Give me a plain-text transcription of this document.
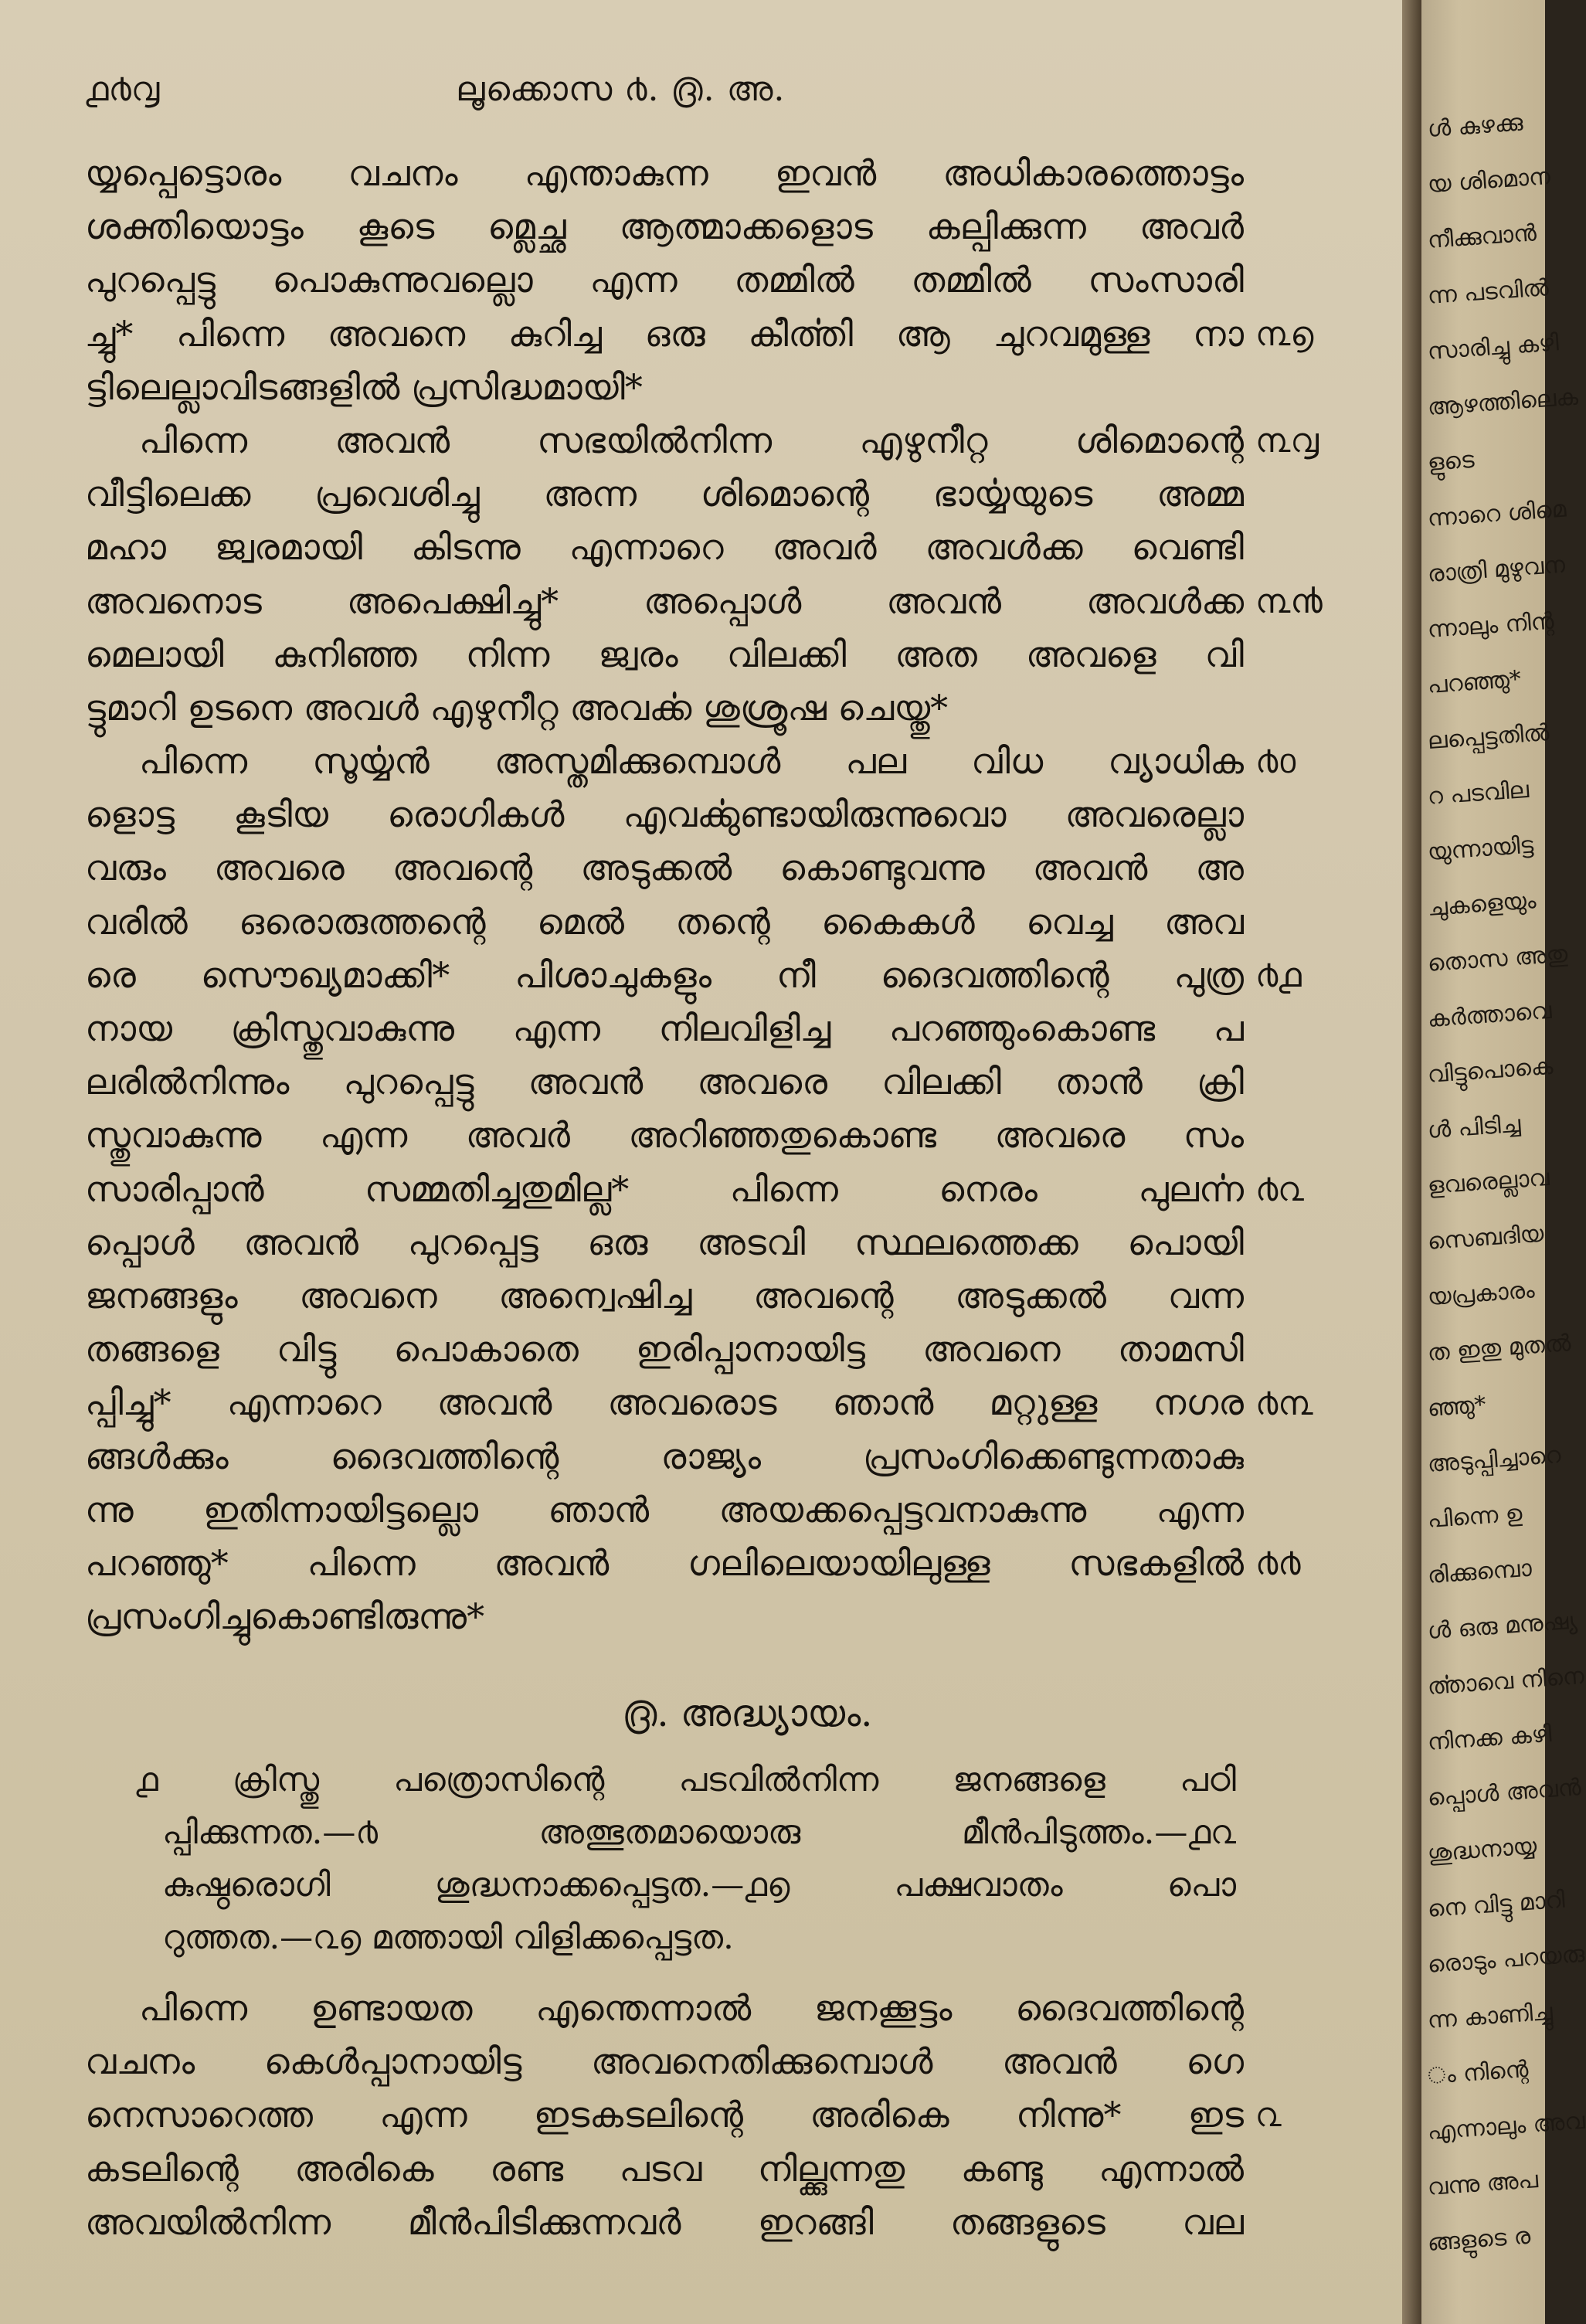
൧൪൮	ലൂക്കൊസ ൪. ൫. അ.
യ്യപ്പെട്ടൊരം വചനം എന്താകുന്ന ഇവൻ അധികാരത്തൊട്ടം
ശക്തിയൊട്ടം കൂടെ മ്ലെച്ഛ ആത്മാക്കളൊട കല്പിക്കുന്ന അവർ
പുറപ്പെട്ടു പൊകുന്നുവല്ലൊ എന്ന തമ്മിൽ തമ്മിൽ സംസാരി
ച്ചു* പിന്നെ അവനെ കുറിച്ച ഒരു കീൎത്തി ആ ചുറവമുള്ള നാ
ട്ടിലെല്ലാവിടങ്ങളിൽ പ്രസിദ്ധമായി*
പിന്നെ അവൻ സഭയിൽനിന്ന എഴുനീറ്റ ശിമൊന്റെ
വീട്ടിലെക്ക പ്രവെശിച്ചു അന്ന ശിമൊന്റെ ഭാൎയ്യയുടെ അമ്മ
മഹാ ജ്വരമായി കിടന്നു എന്നാറെ അവർ അവൾക്ക വെണ്ടി
അവനൊട അപെക്ഷിച്ചു* അപ്പൊൾ അവൻ അവൾക്ക
മെലായി കുനിഞ്ഞ നിന്ന ജ്വരം വിലക്കി അത അവളെ വി
ട്ടുമാറി ഉടനെ അവൾ എഴുനീറ്റ അവൎക്ക ശുശ്രൂഷ ചെയ്തു*
പിന്നെ സൂൎയ്യൻ അസ്തമിക്കുമ്പൊൾ പല വിധ വ്യാധിക
ളൊട്ട കൂടിയ രൊഗികൾ എവൎക്കുണ്ടായിരുന്നുവൊ അവരെല്ലാ
വരും അവരെ അവന്റെ അടുക്കൽ കൊണ്ടുവന്നു അവൻ അ
വരിൽ ഒരൊരുത്തന്റെ മെൽ തന്റെ കൈകൾ വെച്ച അവ
രെ സൌഖ്യമാക്കി* പിശാചുകളും നീ ദൈവത്തിന്റെ പുത്ര
നായ ക്രിസ്തുവാകുന്നു എന്ന നിലവിളിച്ച പറഞ്ഞുംകൊണ്ട പ
ലരിൽനിന്നും പുറപ്പെട്ടു അവൻ അവരെ വിലക്കി താൻ ക്രി
സ്തുവാകുന്നു എന്ന അവർ അറിഞ്ഞതുകൊണ്ട അവരെ സം
സാരിപ്പാൻ സമ്മതിച്ചതുമില്ല* പിന്നെ നെരം പുലൎന്ന
പ്പൊൾ അവൻ പുറപ്പെട്ട ഒരു അടവി സ്ഥലത്തെക്ക പൊയി
ജനങ്ങളും അവനെ അന്വെഷിച്ച അവന്റെ അടുക്കൽ വന്ന
തങ്ങളെ വിട്ടു പൊകാതെ ഇരിപ്പാനായിട്ട അവനെ താമസി
പ്പിച്ചു* എന്നാറെ അവൻ അവരൊട ഞാൻ മറ്റുള്ള നഗര
ങ്ങൾക്കും ദൈവത്തിന്റെ രാജ്യം പ്രസംഗിക്കെണ്ടുന്നതാകു
ന്നു ഇതിന്നായിട്ടല്ലൊ ഞാൻ അയക്കപ്പെട്ടവനാകുന്നു എന്ന
പറഞ്ഞു* പിന്നെ അവൻ ഗലിലെയായിലുള്ള സഭകളിൽ
പ്രസംഗിച്ചുകൊണ്ടിരുന്നു*
൩൭
൩൮
൩൯
൪൦
൪൧
൪൨
൪൩
൪൪
൫. അദ്ധ്യായം.
൧ ക്രിസ്തു പത്രൊസിന്റെ പടവിൽനിന്ന ജനങ്ങളെ പഠി
പ്പിക്കുന്നത.—൪ അത്ഭുതമായൊരു മീൻപിടുത്തം.—൧൨
കുഷ്ഠരൊഗി ശുദ്ധനാക്കപ്പെട്ടത.—൧൭ പക്ഷവാതം പൊ
റുത്തത.—൨൭ മത്തായി വിളിക്കപ്പെട്ടത.
പിന്നെ ഉണ്ടായത എന്തെന്നാൽ ജനക്കൂട്ടം ദൈവത്തിന്റെ
വചനം കെൾപ്പാനായിട്ട അവനെതിക്കുമ്പൊൾ അവൻ ഗെ
നെസാറെത്ത എന്ന ഇടകടലിന്റെ അരികെ നിന്നു* ഇട
കടലിന്റെ അരികെ രണ്ട പടവ നില്ക്കുന്നതു കണ്ടു എന്നാൽ
അവയിൽനിന്ന മീൻപിടിക്കുന്നവർ ഇറങ്ങി തങ്ങളുടെ വല
൨
ൾ കുഴക്കു
യ ശിമൊന
നീക്കുവാൻ
ന്ന പടവിൽ
സാരിച്ചു കഴി
ആഴത്തിലെക
ളുടെ
ന്നാറെ ശിമെ
രാത്രി മുഴുവന
ന്നാലും നിന്റ
പറഞ്ഞു*
ലപ്പെട്ടതിൽ
റ പടവില
യുന്നായിട്ട
ചുകളെയും
തൊസ അതു
കർത്താവെ
വിട്ടുപൊകെ
ൾ പിടിച്ച
ളവരെല്ലാവ
സെബദിയ
യപ്രകാരം
ത ഇതു മുതൽ
ഞ്ഞു*
അടുപ്പിച്ചാറെ
പിന്നെ ഉ
രിക്കുമ്പൊ
ൾ ഒരു മനുഷ്യ
ൎത്താവെ നിനെ
നിനക്ക കഴി
പ്പൊൾ അവൻ
ശുദ്ധനായ്യ
നെ വിട്ടു മാറി
രൊടും പറയരു
ന്ന കാണിച്ചു
ം നിന്റെ
എന്നാലും അവ
വന്നു അപ
ങ്ങളുടെ ര
